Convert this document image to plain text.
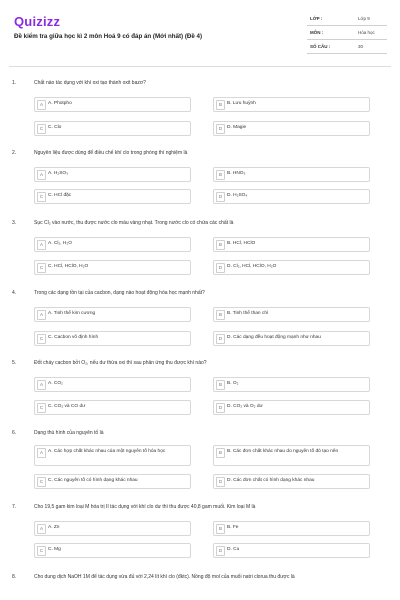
Quizizz
Đề kiểm tra giữa học kì 2 môn Hoá 9 có đáp án (Mới nhất) (Đề 4)
LỚP :	Lớp 9
MÔN :	Hóa học
SỐ CÂU :	30
1.	Chất nào tác dụng với khí oxi tạo thành oxit bazơ?
A	A. Photpho	B	B. Lưu huỳnh
C	C. Clo	D	D. Magie
2.	Nguyên liệu được dùng để điều chế khí clo trong phòng thí nghiệm là
A	A. H₂SO₃	B	B. HNO₃
C	C. HCl đặc	D	D. H₂SO₄
3.	Sục Cl₂ vào nước, thu được nước clo màu vàng nhạt. Trong nước clo có chứa các chất là
A	A. Cl₂, H₂O	B	B. HCl, HClO
C	C. HCl, HClO, H₂O	D	D. Cl₂, HCl, HClO, H₂O
4.	Trong các dạng tồn tại của cacbon, dạng nào hoạt động hóa học mạnh nhất?
A	A. Tinh thể kim cương	B	B. Tinh thể than chì
C	C. Cacbon vô định hình	D	D. Các dạng đều hoạt động mạnh như nhau
5.	Đốt cháy cacbon bởi O₂, nếu dư thừa oxi thì sau phản ứng thu được khí nào?
A	A. CO₂	B	B. O₂
C	C. CO₂ và CO dư	D	D. CO₂ và O₂ dư
6.	Dạng thù hình của nguyên tố là
A	A. Các hợp chất khác nhau của một nguyên tố hóa học	B	B. Các đơn chất khác nhau do nguyên tố đó tạo nên
C	C. Các nguyên tố có hình dạng khác nhau	D	D. Các đơn chất có hình dạng khác nhau
7.	Cho 19,5 gam kim loại M hóa trị II tác dụng với khí clo dư thì thu được 40,8 gam muối. Kim loại M là
A	A. Zn	B	B. Fe
C	C. Mg	D	D. Cu
8.	Cho dung dịch NaOH 1M để tác dụng vừa đủ với 2,24 lít khí clo (đktc). Nồng độ mol của muối natri clorua thu được là
